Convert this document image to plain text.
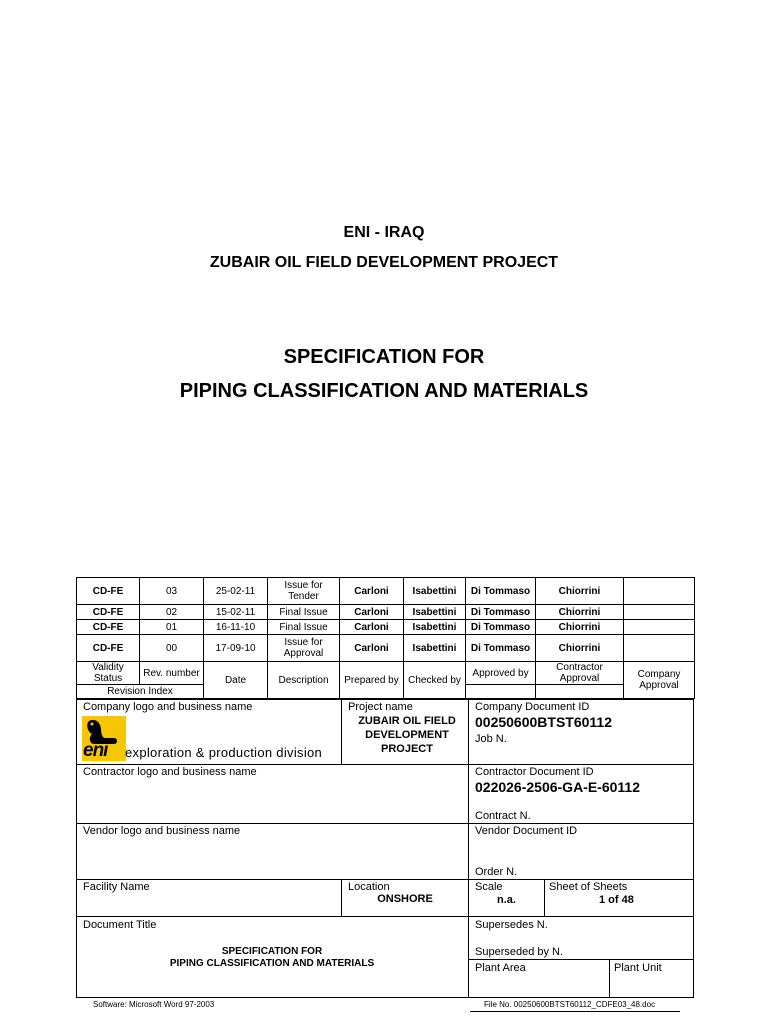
ENI - IRAQ
ZUBAIR OIL FIELD DEVELOPMENT PROJECT
SPECIFICATION FOR
PIPING CLASSIFICATION AND MATERIALS
CD-FE	03	25-02-11	Issue for Tender	Carloni	Isabettini	Di Tommaso	Chiorrini	
CD-FE	02	15-02-11	Final Issue	Carloni	Isabettini	Di Tommaso	Chiorrini	
CD-FE	01	16-11-10	Final Issue	Carloni	Isabettini	Di Tommaso	Chiorrini	
CD-FE	00	17-09-10	Issue for Approval	Carloni	Isabettini	Di Tommaso	Chiorrini	
Validity Status	Rev. number	Date	Description	Prepared by	Checked by	Approved by	Contractor Approval	Company Approval
Revision Index								
Company logo and business name
eni exploration & production division
Project name
ZUBAIR OIL FIELD DEVELOPMENT PROJECT
Company Document ID
00250600BTST60112
Job N.
Contractor logo and business name	Contractor Document ID
022026-2506-GA-E-60112
Contract N.
Vendor logo and business name	Vendor Document ID
Order N.
Facility Name	Location
ONSHORE
Scale
n.a.
Sheet of Sheets
1 of 48
Document Title
SPECIFICATION FOR
PIPING CLASSIFICATION AND MATERIALS
Supersedes N.
Superseded by N.
Plant Area	Plant Unit
Software: Microsoft Word 97-2003	File No. 00250600BTST60112_CDFE03_48.doc
